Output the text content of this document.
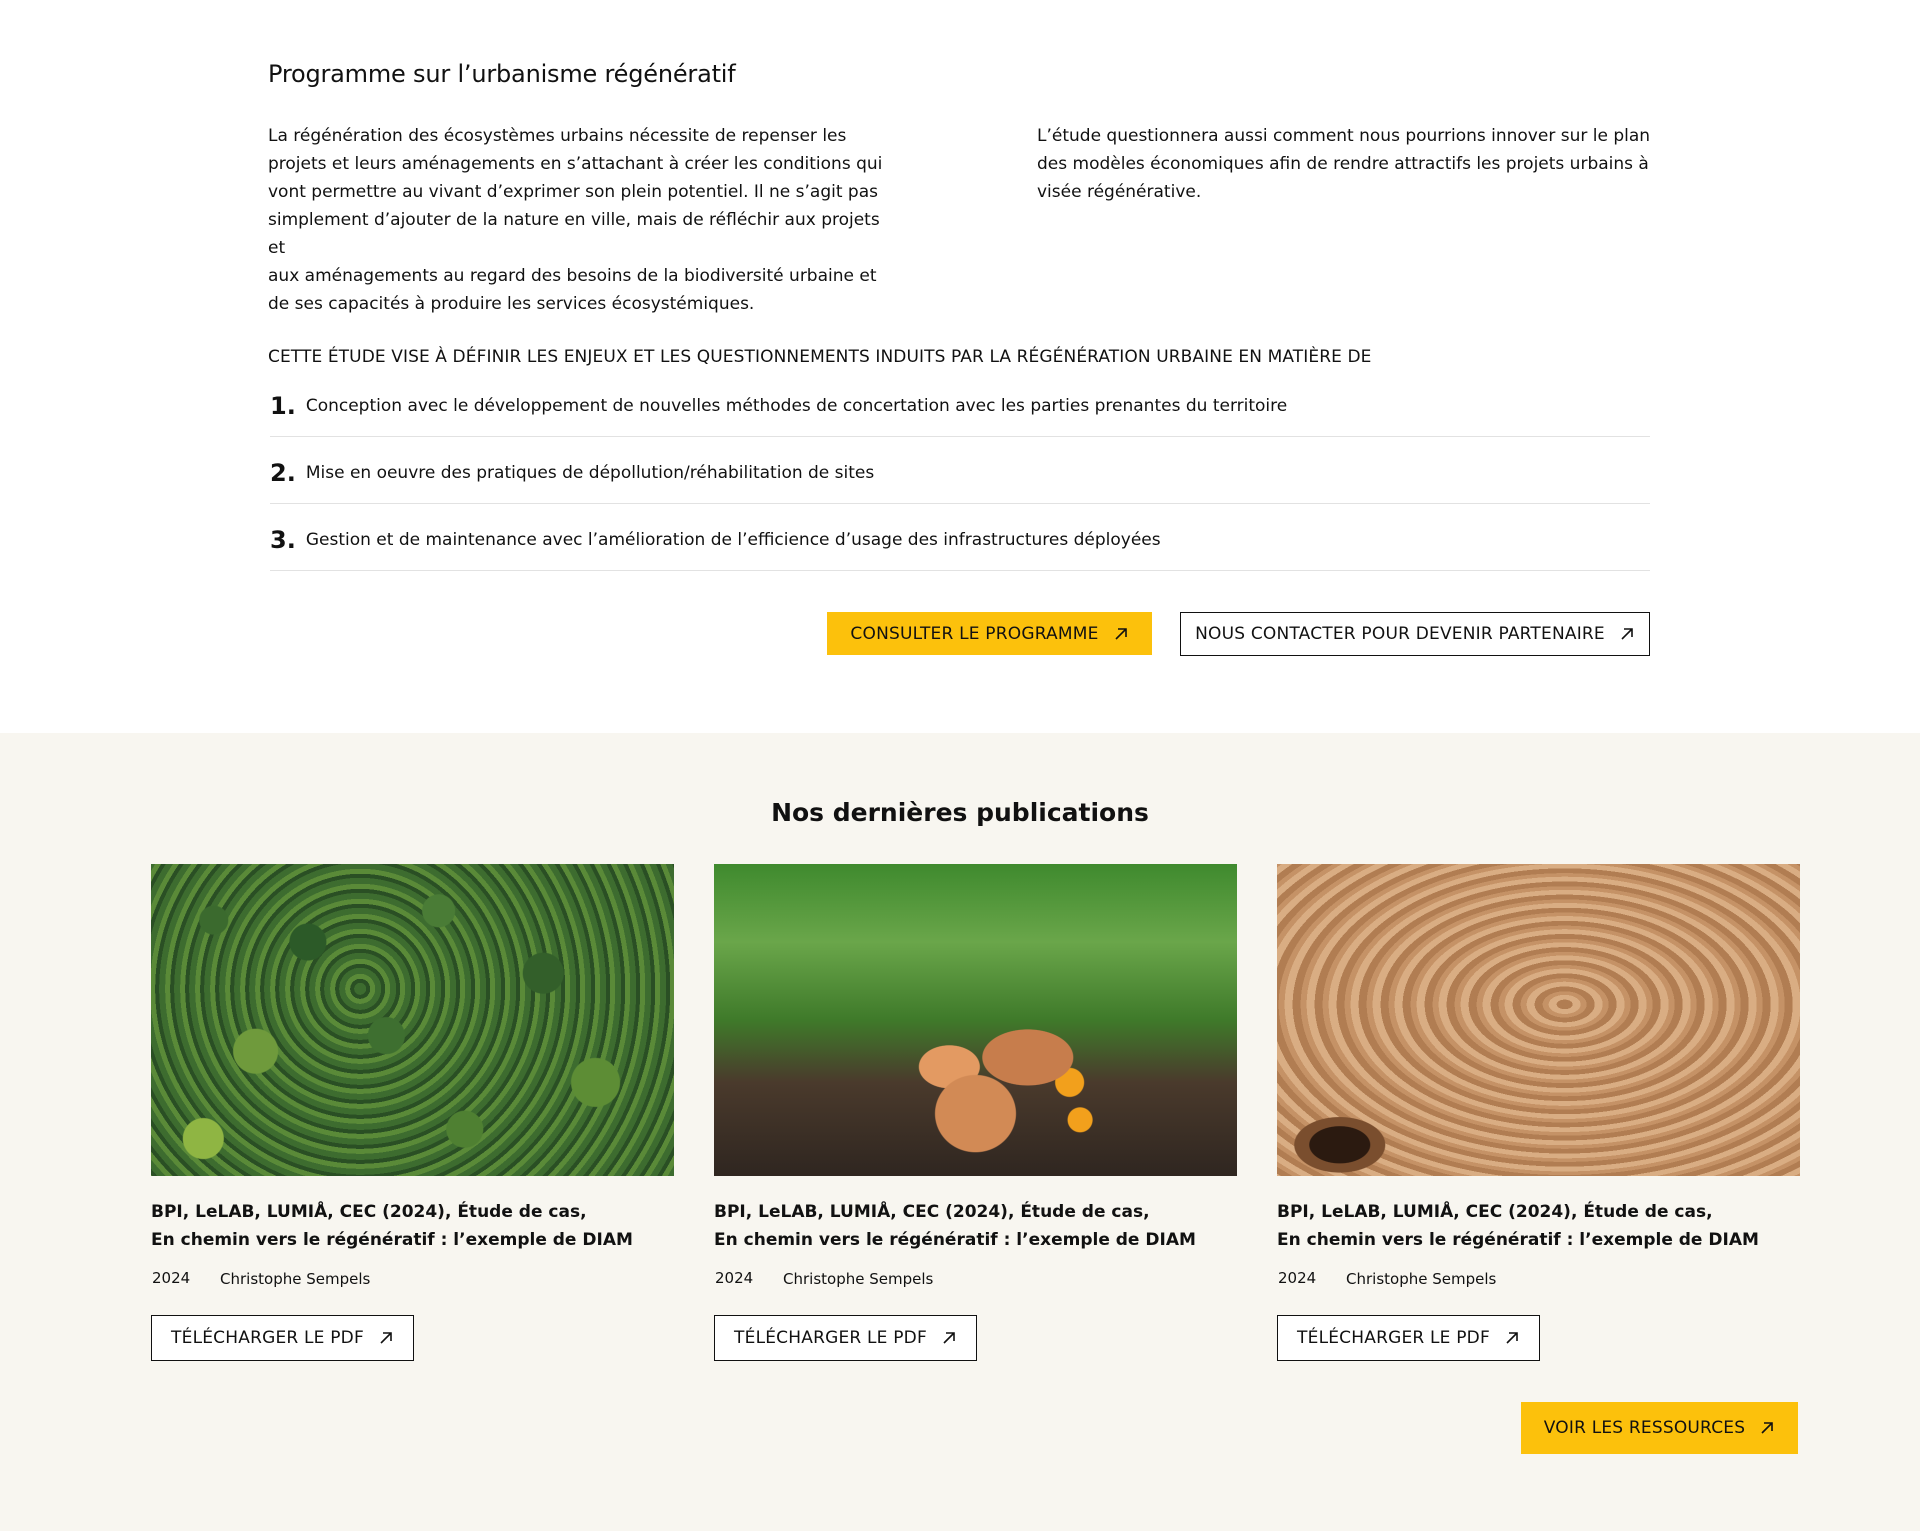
Programme sur l’urbanisme régénératif
La régénération des écosystèmes urbains nécessite de repenser les
projets et leurs aménagements en s’attachant à créer les conditions qui
vont permettre au vivant d’exprimer son plein potentiel. Il ne s’agit pas
simplement d’ajouter de la nature en ville, mais de réfléchir aux projets et
aux aménagements au regard des besoins de la biodiversité urbaine et
de ses capacités à produire les services écosystémiques.
L’étude questionnera aussi comment nous pourrions innover sur le plan
des modèles économiques afin de rendre attractifs les projets urbains à
visée régénérative.
CETTE ÉTUDE VISE À DÉFINIR LES ENJEUX ET LES QUESTIONNEMENTS INDUITS PAR LA RÉGÉNÉRATION URBAINE EN MATIÈRE DE
1. Conception avec le développement de nouvelles méthodes de concertation avec les parties prenantes du territoire
2. Mise en oeuvre des pratiques de dépollution/réhabilitation de sites
3. Gestion et de maintenance avec l’amélioration de l’efficience d’usage des infrastructures déployées
CONSULTER LE PROGRAMME	NOUS CONTACTER POUR DEVENIR PARTENAIRE
Nos dernières publications
BPI, LeLAB, LUMIÅ, CEC (2024), Étude de cas,
En chemin vers le régénératif : l’exemple de DIAM
2024 Christophe Sempels
TÉLÉCHARGER LE PDF
BPI, LeLAB, LUMIÅ, CEC (2024), Étude de cas,
En chemin vers le régénératif : l’exemple de DIAM
2024 Christophe Sempels
TÉLÉCHARGER LE PDF
BPI, LeLAB, LUMIÅ, CEC (2024), Étude de cas,
En chemin vers le régénératif : l’exemple de DIAM
2024 Christophe Sempels
TÉLÉCHARGER LE PDF
VOIR LES RESSOURCES
